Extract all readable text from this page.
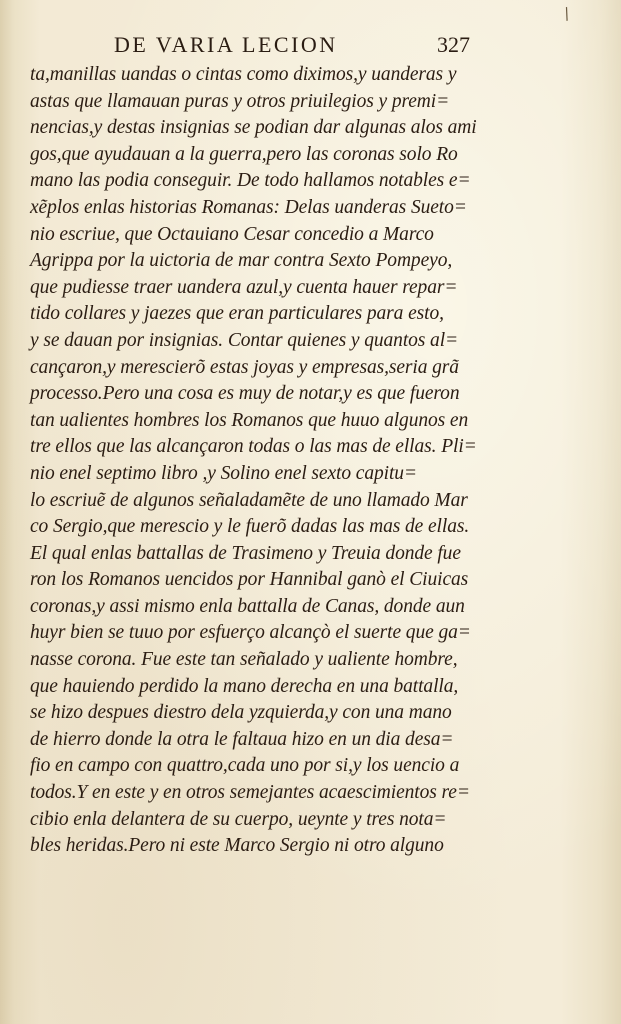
/
DE VARIA LECION	327
ta,manillas uandas o cintas como diximos,y uanderas y
astas que llamauan puras y otros priuilegios y premi=
nencias,y destas insignias se podian dar algunas alos ami
gos,que ayudauan a la guerra,pero las coronas solo Ro
mano las podia conseguir. De todo hallamos notables e=
xẽplos enlas historias Romanas: Delas uanderas Sueto=
nio escriue, que Octauiano Cesar concedio a Marco
Agrippa por la uictoria de mar contra Sexto Pompeyo,
que pudiesse traer uandera azul,y cuenta hauer repar=
tido collares y jaezes que eran particulares para esto,
y se dauan por insignias. Contar quienes y quantos al=
cançaron,y merescierõ estas joyas y empresas,seria grã
processo.Pero una cosa es muy de notar,y es que fueron
tan ualientes hombres los Romanos que huuo algunos en
tre ellos que las alcançaron todas o las mas de ellas. Pli=
nio enel septimo libro ,y Solino enel sexto capitu=
lo escriuẽ de algunos señaladamẽte de uno llamado Mar
co Sergio,que merescio y le fuerõ dadas las mas de ellas.
El qual enlas battallas de Trasimeno y Treuia donde fue
ron los Romanos uencidos por Hannibal ganò el Ciuicas
coronas,y assi mismo enla battalla de Canas, donde aun
huyr bien se tuuo por esfuerço alcançò el suerte que ga=
nasse corona. Fue este tan señalado y ualiente hombre,
que hauiendo perdido la mano derecha en una battalla,
se hizo despues diestro dela yzquierda,y con una mano
de hierro donde la otra le faltaua hizo en un dia desa=
fio en campo con quattro,cada uno por si,y los uencio a
todos.Y en este y en otros semejantes acaescimientos re=
cibio enla delantera de su cuerpo, ueynte y tres nota=
bles heridas.Pero ni este Marco Sergio ni otro alguno
